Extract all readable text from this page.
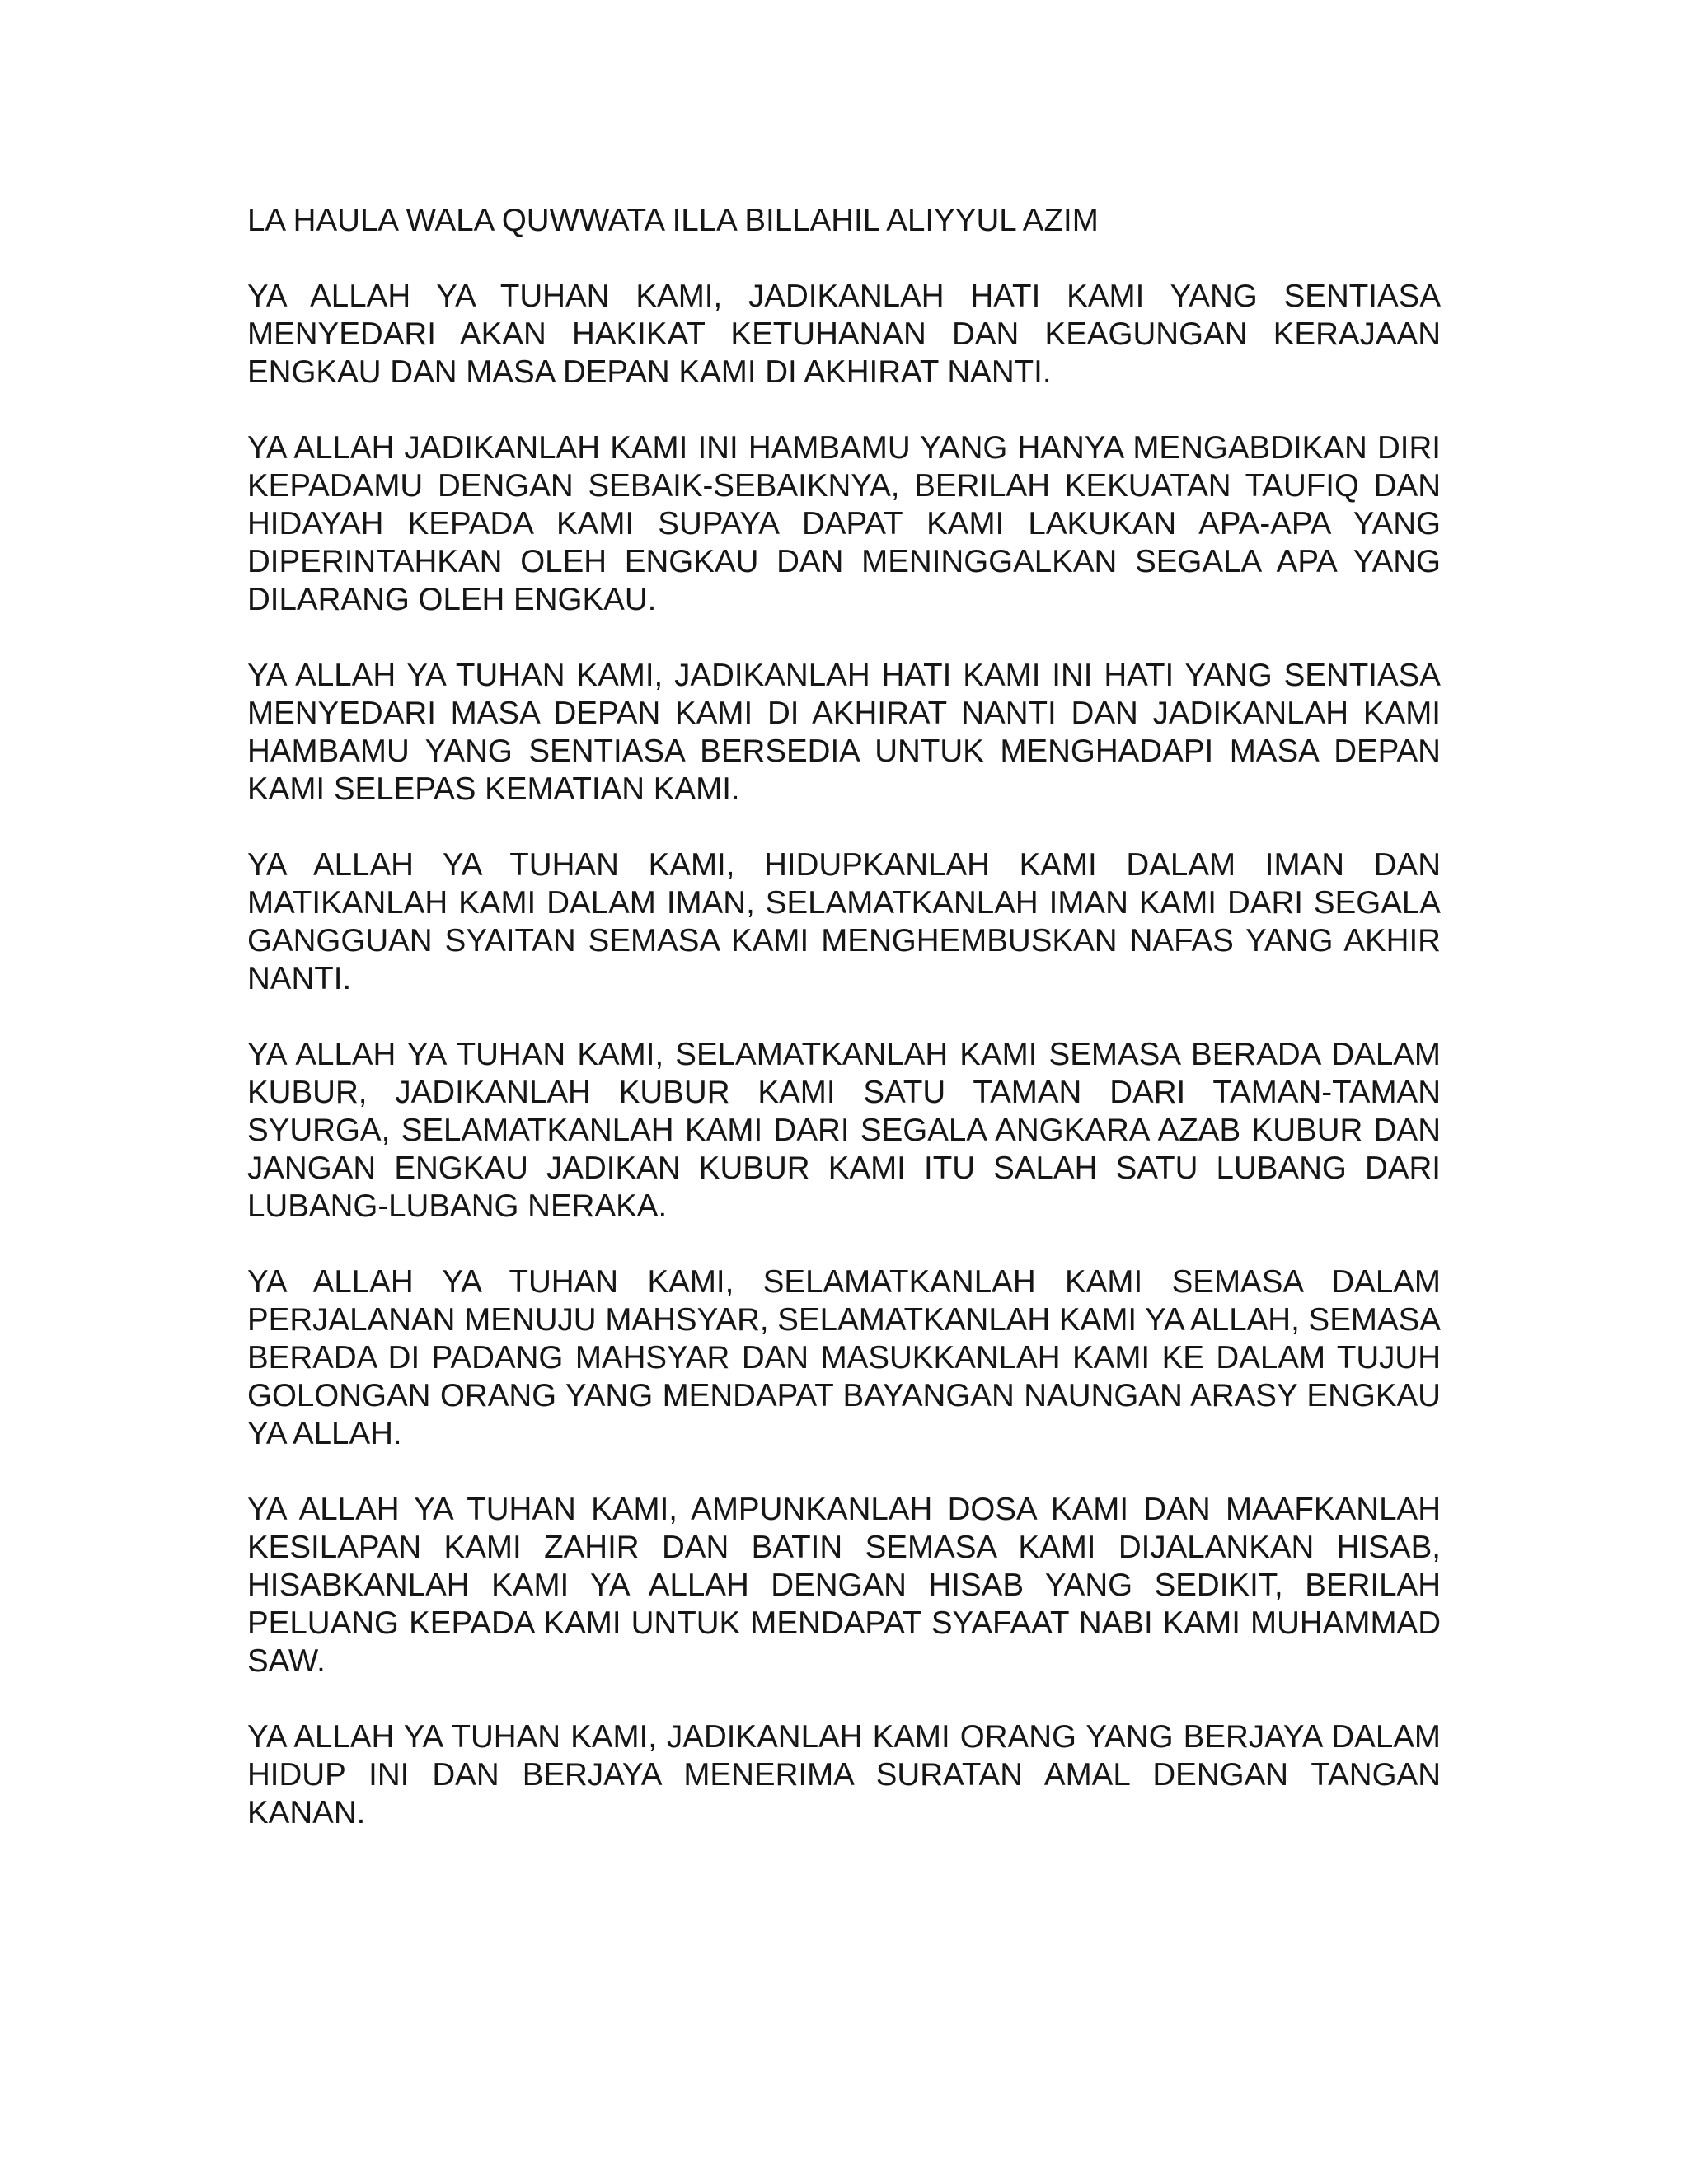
LA HAULA WALA QUWWATA ILLA BILLAHIL ALIYYUL AZIM

YA ALLAH YA TUHAN KAMI, JADIKANLAH HATI KAMI YANG SENTIASA MENYEDARI AKAN HAKIKAT KETUHANAN DAN KEAGUNGAN KERAJAAN ENGKAU DAN MASA DEPAN KAMI DI AKHIRAT NANTI.

YA ALLAH JADIKANLAH KAMI INI HAMBAMU YANG HANYA MENGABDIKAN DIRI KEPADAMU DENGAN SEBAIK-SEBAIKNYA, BERILAH KEKUATAN TAUFIQ DAN HIDAYAH KEPADA KAMI SUPAYA DAPAT KAMI LAKUKAN APA-APA YANG DIPERINTAHKAN OLEH ENGKAU DAN MENINGGALKAN SEGALA APA YANG DILARANG OLEH ENGKAU.

YA ALLAH YA TUHAN KAMI, JADIKANLAH HATI KAMI INI HATI YANG SENTIASA MENYEDARI MASA DEPAN KAMI DI AKHIRAT NANTI DAN JADIKANLAH KAMI HAMBAMU YANG SENTIASA BERSEDIA UNTUK MENGHADAPI MASA DEPAN KAMI SELEPAS KEMATIAN KAMI.

YA ALLAH YA TUHAN KAMI, HIDUPKANLAH KAMI DALAM IMAN DAN MATIKANLAH KAMI DALAM IMAN, SELAMATKANLAH IMAN KAMI DARI SEGALA GANGGUAN SYAITAN SEMASA KAMI MENGHEMBUSKAN NAFAS YANG AKHIR NANTI.

YA ALLAH YA TUHAN KAMI, SELAMATKANLAH KAMI SEMASA BERADA DALAM KUBUR, JADIKANLAH KUBUR KAMI SATU TAMAN DARI TAMAN-TAMAN SYURGA, SELAMATKANLAH KAMI DARI SEGALA ANGKARA AZAB KUBUR DAN JANGAN ENGKAU JADIKAN KUBUR KAMI ITU SALAH SATU LUBANG DARI LUBANG-LUBANG NERAKA.

YA ALLAH YA TUHAN KAMI, SELAMATKANLAH KAMI SEMASA DALAM PERJALANAN MENUJU MAHSYAR, SELAMATKANLAH KAMI YA ALLAH, SEMASA BERADA DI PADANG MAHSYAR DAN MASUKKANLAH KAMI KE DALAM TUJUH GOLONGAN ORANG YANG MENDAPAT BAYANGAN NAUNGAN ARASY ENGKAU YA ALLAH.

YA ALLAH YA TUHAN KAMI, AMPUNKANLAH DOSA KAMI DAN MAAFKANLAH KESILAPAN KAMI ZAHIR DAN BATIN SEMASA KAMI DIJALANKAN HISAB, HISABKANLAH KAMI YA ALLAH DENGAN HISAB YANG SEDIKIT, BERILAH PELUANG KEPADA KAMI UNTUK MENDAPAT SYAFAAT NABI KAMI MUHAMMAD SAW.

YA ALLAH YA TUHAN KAMI, JADIKANLAH KAMI ORANG YANG BERJAYA DALAM HIDUP INI DAN BERJAYA MENERIMA SURATAN AMAL DENGAN TANGAN KANAN.
